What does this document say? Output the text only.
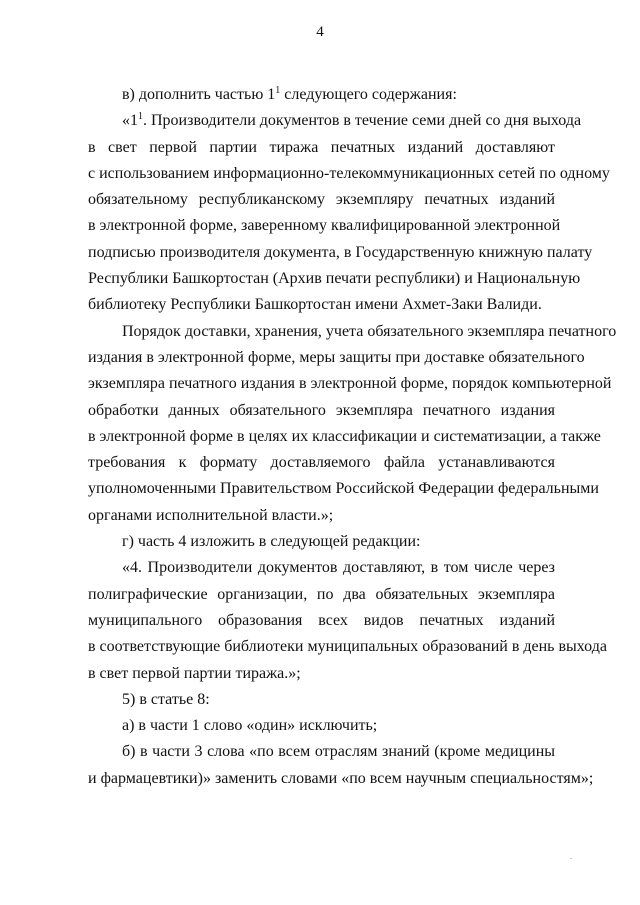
4
в) дополнить частью $1^1$ следующего содержания:
«$1^1$. Производители документов в течение семи дней со дня выхода
в свет первой партии тиража печатных изданий доставляют
с использованием информационно-телекоммуникационных сетей по одному
обязательному республиканскому экземпляру печатных изданий
в электронной форме, заверенному квалифицированной электронной
подписью производителя документа, в Государственную книжную палату
Республики Башкортостан (Архив печати республики) и Национальную
библиотеку Республики Башкортостан имени Ахмет-Заки Валиди.
Порядок доставки, хранения, учета обязательного экземпляра печатного
издания в электронной форме, меры защиты при доставке обязательного
экземпляра печатного издания в электронной форме, порядок компьютерной
обработки данных обязательного экземпляра печатного издания
в электронной форме в целях их классификации и систематизации, а также
требования к формату доставляемого файла устанавливаются
уполномоченными Правительством Российской Федерации федеральными
органами исполнительной власти.»;
г) часть 4 изложить в следующей редакции:
«4. Производители документов доставляют, в том числе через
полиграфические организации, по два обязательных экземпляра
муниципального образования всех видов печатных изданий
в соответствующие библиотеки муниципальных образований в день выхода
в свет первой партии тиража.»;
5) в статье 8:
а) в части 1 слово «один» исключить;
б) в части 3 слова «по всем отраслям знаний (кроме медицины
и фармацевтики)» заменить словами «по всем научным специальностям»;
